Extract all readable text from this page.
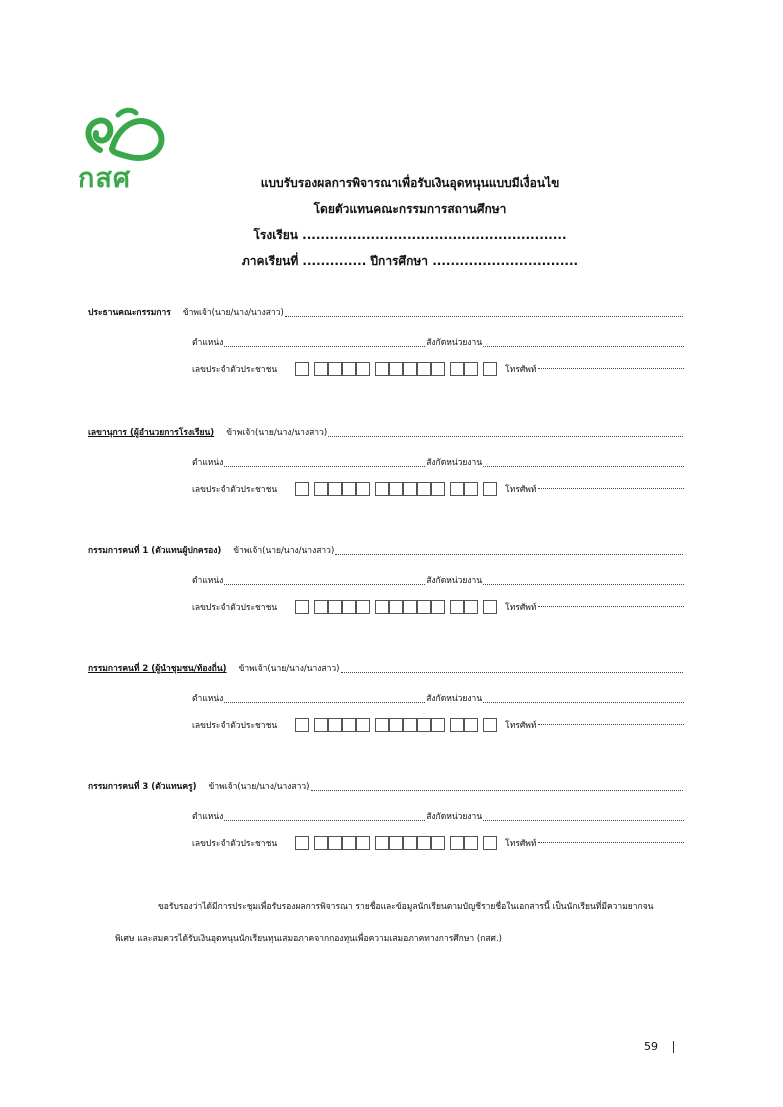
กสศ	แบบรับรองผลการพิจารณาเพื่อรับเงินอุดหนุนแบบมีเงื่อนไข
โดยตัวแทนคณะกรรมการสถานศึกษา
โรงเรียน ..........................................................
ภาคเรียนที่ .............. ปีการศึกษา ................................
ประธานคณะกรรมการ ข้าพเจ้า(นาย/นาง/นางสาว)
ตำแหน่ง	สังกัดหน่วยงาน
เลขประจำตัวประชาชน	โทรศัพท์
เลขานุการ (ผู้อำนวยการโรงเรียน) ข้าพเจ้า(นาย/นาง/นางสาว)
ตำแหน่ง	สังกัดหน่วยงาน
เลขประจำตัวประชาชน	โทรศัพท์
กรรมการคนที่ 1 (ตัวแทนผู้ปกครอง) ข้าพเจ้า(นาย/นาง/นางสาว)
ตำแหน่ง	สังกัดหน่วยงาน
เลขประจำตัวประชาชน	โทรศัพท์
กรรมการคนที่ 2 (ผู้นำชุมชน/ท้องถิ่น) ข้าพเจ้า(นาย/นาง/นางสาว)
ตำแหน่ง	สังกัดหน่วยงาน
เลขประจำตัวประชาชน	โทรศัพท์
กรรมการคนที่ 3 (ตัวแทนครู) ข้าพเจ้า(นาย/นาง/นางสาว)
ตำแหน่ง	สังกัดหน่วยงาน
เลขประจำตัวประชาชน	โทรศัพท์
ขอรับรองว่าได้มีการประชุมเพื่อรับรองผลการพิจารณา รายชื่อและข้อมูลนักเรียนตามบัญชีรายชื่อในเอกสารนี้ เป็นนักเรียนที่มีความยากจน
พิเศษ และสมควรได้รับเงินอุดหนุนนักเรียนทุนเสมอภาคจากกองทุนเพื่อความเสมอภาคทางการศึกษา (กสศ.)
59
